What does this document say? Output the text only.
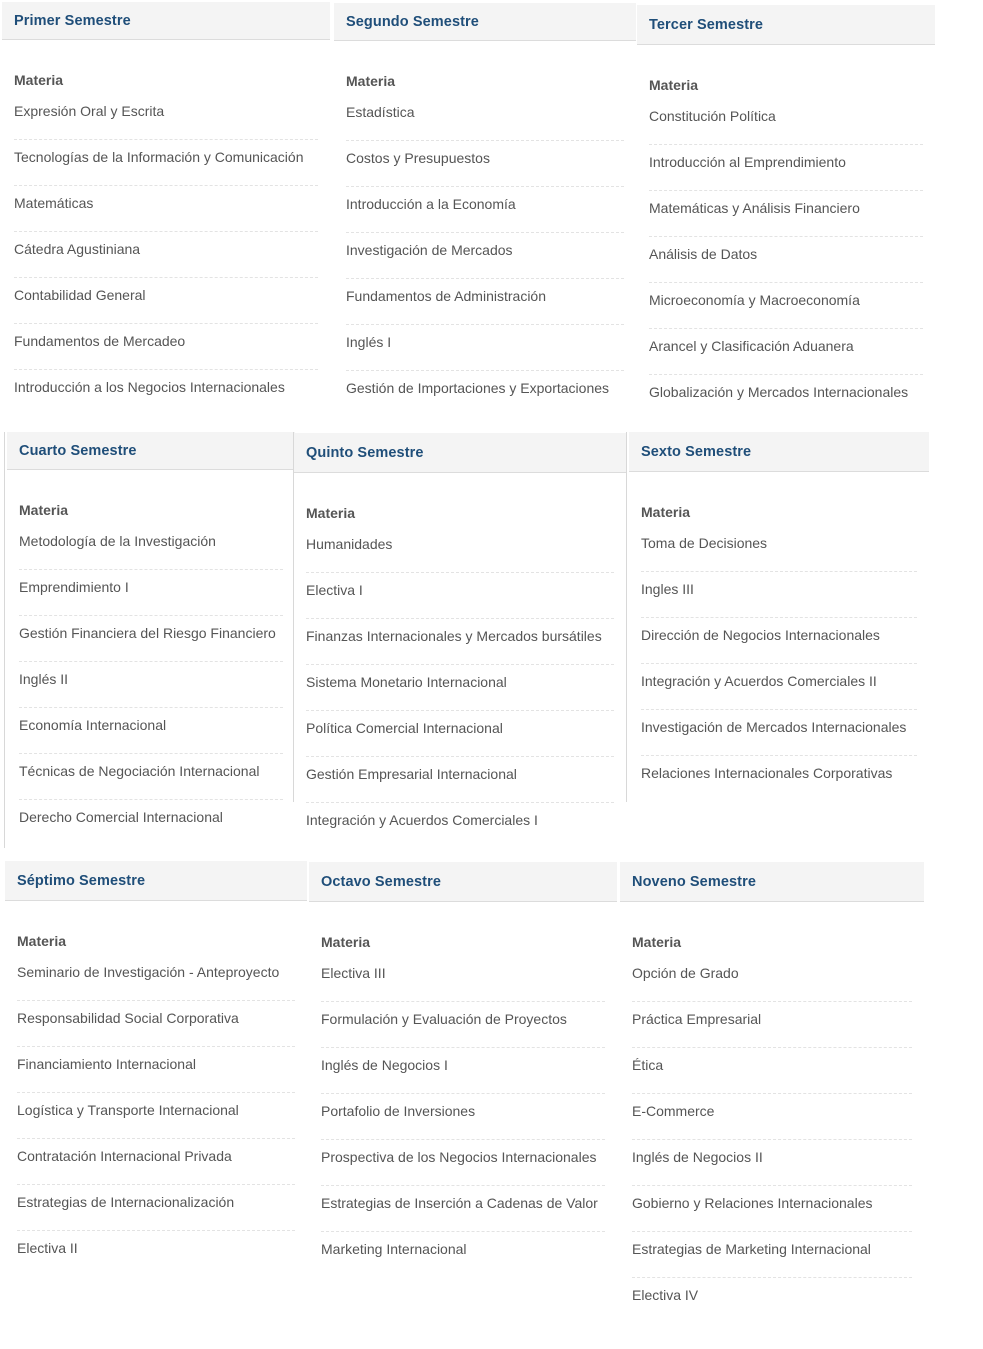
Primer Semestre
Materia
Expresión Oral y Escrita
Tecnologías de la Información y Comunicación
Matemáticas
Cátedra Agustiniana
Contabilidad General
Fundamentos de Mercadeo
Introducción a los Negocios Internacionales
Segundo Semestre
Materia
Estadística
Costos y Presupuestos
Introducción a la Economía
Investigación de Mercados
Fundamentos de Administración
Inglés I
Gestión de Importaciones y Exportaciones
Tercer Semestre
Materia
Constitución Política
Introducción al Emprendimiento
Matemáticas y Análisis Financiero
Análisis de Datos
Microeconomía y Macroeconomía
Arancel y Clasificación Aduanera
Globalización y Mercados Internacionales
Cuarto Semestre
Materia
Metodología de la Investigación
Emprendimiento I
Gestión Financiera del Riesgo Financiero
Inglés II
Economía Internacional
Técnicas de Negociación Internacional
Derecho Comercial Internacional
Quinto Semestre
Materia
Humanidades
Electiva I
Finanzas Internacionales y Mercados bursátiles
Sistema Monetario Internacional
Política Comercial Internacional
Gestión Empresarial Internacional
Integración y Acuerdos Comerciales I
Sexto Semestre
Materia
Toma de Decisiones
Ingles III
Dirección de Negocios Internacionales
Integración y Acuerdos Comerciales II
Investigación de Mercados Internacionales
Relaciones Internacionales Corporativas
Séptimo Semestre
Materia
Seminario de Investigación - Anteproyecto
Responsabilidad Social Corporativa
Financiamiento Internacional
Logística y Transporte Internacional
Contratación Internacional Privada
Estrategias de Internacionalización
Electiva II
Octavo Semestre
Materia
Electiva III
Formulación y Evaluación de Proyectos
Inglés de Negocios I
Portafolio de Inversiones
Prospectiva de los Negocios Internacionales
Estrategias de Inserción a Cadenas de Valor
Marketing Internacional
Noveno Semestre
Materia
Opción de Grado
Práctica Empresarial
Ética
E-Commerce
Inglés de Negocios II
Gobierno y Relaciones Internacionales
Estrategias de Marketing Internacional
Electiva IV
